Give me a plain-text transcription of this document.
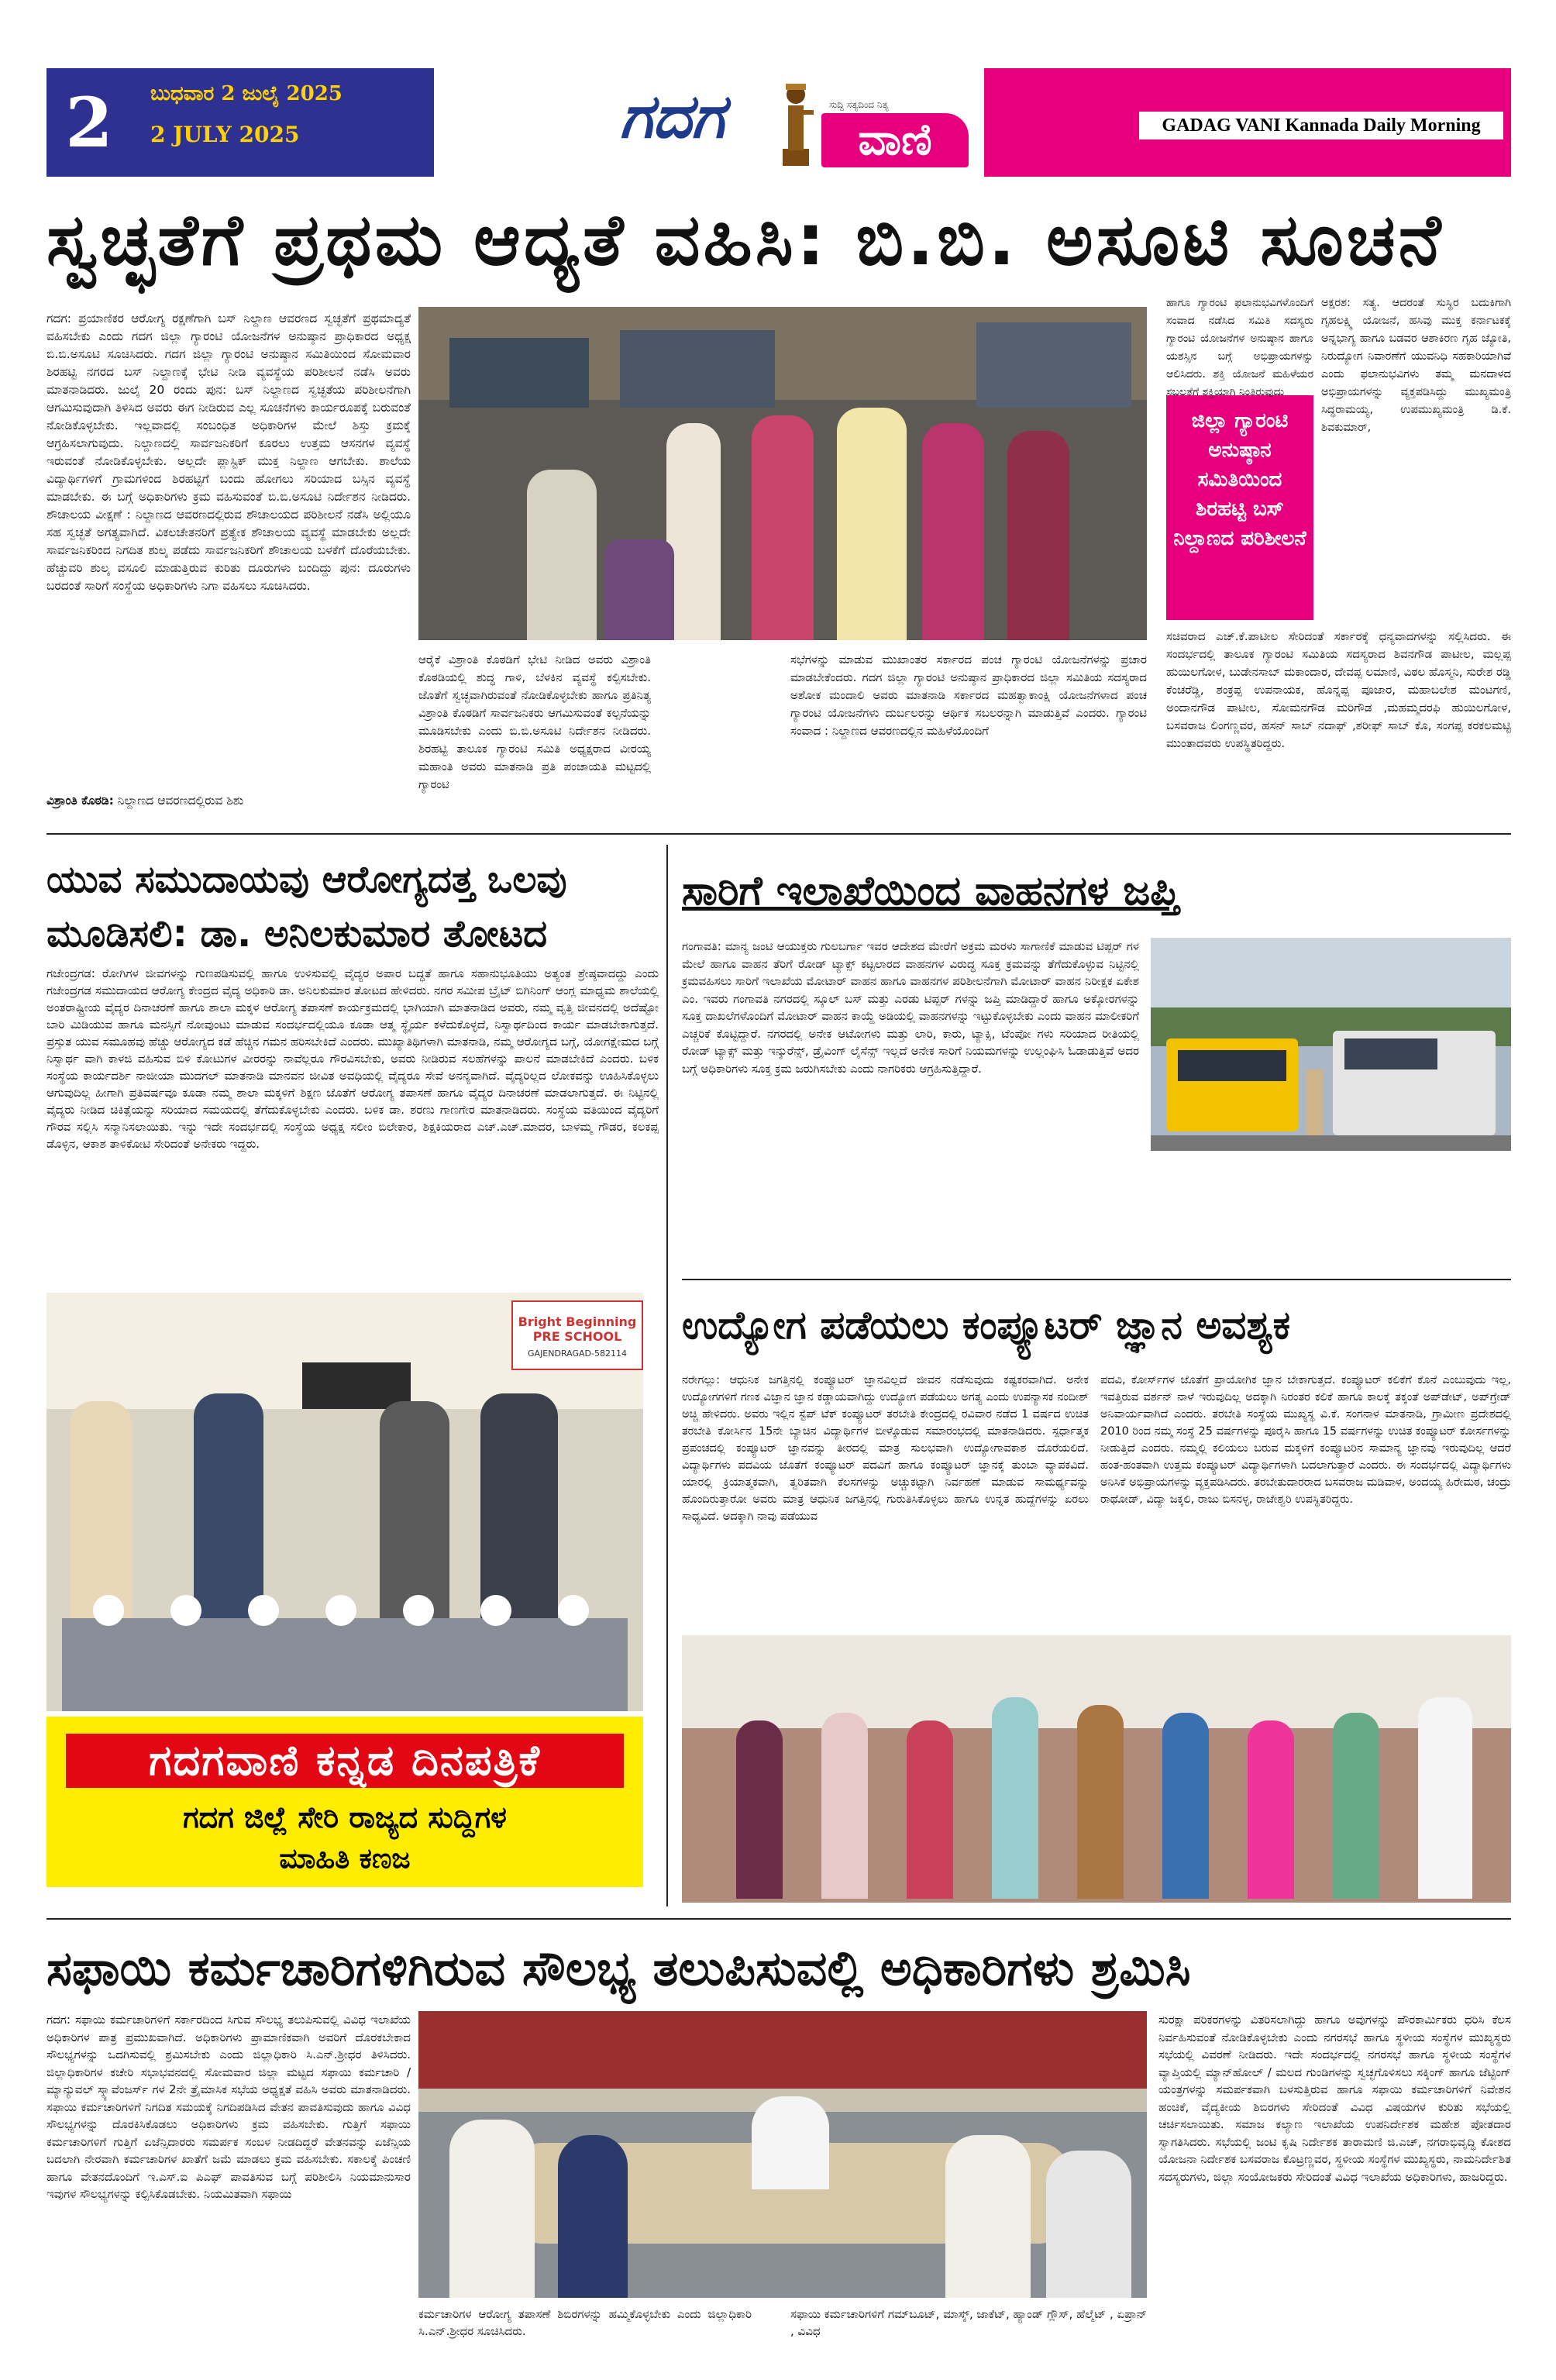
2	ಬುಧವಾರ 2 ಜುಲೈ 2025
2 JULY 2025	ಗದಗ	ಸುದ್ದಿ ಸತ್ಯದಿಂದ ನಿತ್ಯ
ವಾಣಿ	GADAG VANI Kannada Daily Morning
ಸ್ವಚ್ಛತೆಗೆ ಪ್ರಥಮ ಆದ್ಯತೆ ವಹಿಸಿ: ಬಿ.ಬಿ. ಅಸೂಟಿ ಸೂಚನೆ
ಗದಗ: ಪ್ರಯಾಣಿಕರ ಆರೋಗ್ಯ ರಕ್ಷಣೆಗಾಗಿ ಬಸ್ ನಿಲ್ದಾಣ ಆವರಣದ ಸ್ವಚ್ಛತೆಗೆ ಪ್ರಥಮಾದ್ಯತೆ ವಹಿಸಬೇಕು ಎಂದು ಗದಗ ಜಿಲ್ಲಾ ಗ್ಯಾರಂಟಿ ಯೋಜನೆಗಳ ಅನುಷ್ಠಾನ ಪ್ರಾಧಿಕಾರದ ಅಧ್ಯಕ್ಷ ಬಿ.ಬಿ.ಅಸೂಟಿ ಸೂಚಿಸಿದರು. ಗದಗ ಜಿಲ್ಲಾ ಗ್ಯಾರಂಟಿ ಅನುಷ್ಠಾನ ಸಮಿತಿಯಿಂದ ಸೋಮವಾರ ಶಿರಹಟ್ಟಿ ನಗರದ ಬಸ್ ನಿಲ್ದಾಣಕ್ಕೆ ಭೇಟಿ ನೀಡಿ ವ್ಯವಸ್ಥೆಯ ಪರಿಶೀಲನೆ ನಡೆಸಿ ಅವರು ಮಾತನಾಡಿದರು. ಜುಲೈ 20 ರಂದು ಪುನ: ಬಸ್ ನಿಲ್ದಾಣದ ಸ್ವಚ್ಛತೆಯ ಪರಿಶೀಲನೆಗಾಗಿ ಆಗಮಿಸುವುದಾಗಿ ತಿಳಿಸಿದ ಅವರು ಈಗ ನೀಡಿರುವ ಎಲ್ಲ ಸೂಚನೆಗಳು ಕಾರ್ಯರೂಪಕ್ಕೆ ಬರುವಂತೆ ನೋಡಿಕೊಳ್ಳಬೇಕು. ಇಲ್ಲವಾದಲ್ಲಿ ಸಂಬಂಧಿತ ಅಧಿಕಾರಿಗಳ ಮೇಲೆ ಶಿಸ್ತು ಕ್ರಮಕ್ಕೆ ಆಗ್ರಹಿಸಲಾಗುವುದು. ನಿಲ್ದಾಣದಲ್ಲಿ ಸಾರ್ವಜನಿಕರಿಗೆ ಕೂರಲು ಉತ್ತಮ ಆಸನಗಳ ವ್ಯವಸ್ಥೆ ಇರುವಂತೆ ನೋಡಿಕೊಳ್ಳಬೇಕು. ಅಲ್ಲದೇ ಪ್ಲಾಸ್ಟಿಕ್ ಮುಕ್ತ ನಿಲ್ದಾಣ ಆಗಬೇಕು. ಶಾಲೆಯ ವಿದ್ಯಾರ್ಥಿಗಳಿಗೆ ಗ್ರಾಮಗಳಿಂದ ಶಿರಹಟ್ಟಿಗೆ ಬಂದು ಹೋಗಲು ಸರಿಯಾದ ಬಸ್ಸಿನ ವ್ಯವಸ್ಥೆ ಮಾಡಬೇಕು. ಈ ಬಗ್ಗೆ ಅಧಿಕಾರಿಗಳು ಕ್ರಮ ವಹಿಸುವಂತೆ ಬಿ.ಬಿ.ಅಸೂಟಿ ನಿರ್ದೇಶನ ನೀಡಿದರು. ಶೌಚಾಲಯ ವೀಕ್ಷಣೆ : ನಿಲ್ದಾಣದ ಆವರಣದಲ್ಲಿರುವ ಶೌಚಾಲಯದ ಪರಿಶೀಲನೆ ನಡೆಸಿ ಅಲ್ಲಿಯೂ ಸಹ ಸ್ವಚ್ಛತೆ ಅಗತ್ಯವಾಗಿದೆ. ವಿಕಲಚೇತನರಿಗೆ ಪ್ರತ್ಯೇಕ ಶೌಚಾಲಯ ವ್ಯವಸ್ಥೆ ಮಾಡಬೇಕು ಅಲ್ಲದೇ ಸಾರ್ವಜನಿಕರಿಂದ ನಿಗದಿತ ಶುಲ್ಕ ಪಡೆದು ಸಾರ್ವಜನಿಕರಿಗೆ ಶೌಚಾಲಯ ಬಳಕೆಗೆ ದೊರೆಯಬೇಕು. ಹೆಚ್ಚುವರಿ ಶುಲ್ಕ ವಸೂಲಿ ಮಾಡುತ್ತಿರುವ ಕುರಿತು ದೂರುಗಳು ಬಂದಿದ್ದು ಪುನ: ದೂರುಗಳು ಬರದಂತೆ ಸಾರಿಗೆ ಸಂಸ್ಥೆಯ ಅಧಿಕಾರಿಗಳು ನಿಗಾ ವಹಿಸಲು ಸೂಚಿಸಿದರು.
ವಿಶ್ರಾಂತಿ ಕೊಠಡಿ: ನಿಲ್ದಾಣದ ಆವರಣದಲ್ಲಿರುವ ಶಿಶು
ಜಿಲ್ಲಾ ಗ್ಯಾರಂಟಿ ಅನುಷ್ಠಾನ ಸಮಿತಿಯಿಂದ ಶಿರಹಟ್ಟಿ ಬಸ್ ನಿಲ್ದಾಣದ ಪರಿಶೀಲನೆ
ಅಕ್ಷರಶ: ಸತ್ಯ. ಆದರಂತೆ ಸುಸ್ಥಿರ ಬದುಕಿಗಾಗಿ ಗೃಹಲಕ್ಷ್ಮಿ ಯೋಜನೆ, ಹಸಿವು ಮುಕ್ತ ಕರ್ನಾಟಕಕ್ಕೆ ಅನ್ನಭಾಗ್ಯ ಹಾಗೂ ಬಡವರ ಆಶಾಕಿರಣ ಗೃಹ ಜ್ಯೋತಿ, ನಿರುದ್ಯೋಗ ನಿವಾರಣೆಗೆ ಯುವನಿಧಿ ಸಹಕಾರಿಯಾಗಿವೆ ಎಂದು ಫಲಾನುಭವಿಗಳು ತಮ್ಮ ಮನದಾಳದ ಅಭಿಪ್ರಾಯಗಳನ್ನು ವ್ಯಕ್ತಪಡಿಸಿದ್ದು ಮುಖ್ಯಮಂತ್ರಿ ಸಿದ್ಧರಾಮಯ್ಯ, ಉಪಮುಖ್ಯಮಂತ್ರಿ ಡಿ.ಕೆ. ಶಿವಕುಮಾರ್,
ಹಾಗೂ ಗ್ಯಾರಂಟಿ ಫಲಾನುಭವಿಗಳೊಂದಿಗೆ ಸಂವಾದ ನಡೆಸಿದ ಸಮಿತಿ ಸದಸ್ಯರು ಗ್ಯಾರಂಟಿ ಯೋಜನೆಗಳ ಅನುಷ್ಠಾನ ಹಾಗೂ ಯಶಸ್ಸಿನ ಬಗ್ಗೆ ಅಭಿಪ್ರಾಯಗಳನ್ನು ಆಲಿಸಿದರು. ಶಕ್ತಿ ಯೋಜನೆ ಮಹಿಳೆಯರ ಸಬಲತೆಗೆ ಶಕ್ತಿಯಾಗಿ ನಿಂತಿರುವುದು
ಆರೈಕೆ ವಿಶ್ರಾಂತಿ ಕೊಠಡಿಗೆ ಭೇಟಿ ನೀಡಿದ ಅವರು ವಿಶ್ರಾಂತಿ ಕೊಠಡಿಯಲ್ಲಿ ಶುದ್ಧ ಗಾಳಿ, ಬೆಳಕಿನ ವ್ಯವಸ್ಥೆ ಕಲ್ಪಿಸಬೇಕು. ಜೊತೆಗೆ ಸ್ವಚ್ಛವಾಗಿರುವಂತೆ ನೋಡಿಕೊಳ್ಳಬೇಕು ಹಾಗೂ ಪ್ರತಿನಿತ್ಯ ವಿಶ್ರಾಂತಿ ಕೊಠಡಿಗೆ ಸಾರ್ವಜನಿಕರು ಆಗಮಿಸುವಂತೆ ಕಲ್ಪನೆಯನ್ನು ಮೂಡಿಸಬೇಕು ಎಂದು ಬಿ.ಬಿ.ಅಸೂಟಿ ನಿರ್ದೇಶನ ನೀಡಿದರು. ಶಿರಹಟ್ಟಿ ತಾಲೂಕ ಗ್ಯಾರಂಟಿ ಸಮಿತಿ ಅಧ್ಯಕ್ಷರಾದ ವೀರಯ್ಯ ಮಹಾಂತಿ ಅವರು ಮಾತನಾಡಿ ಪ್ರತಿ ಪಂಚಾಯತಿ ಮಟ್ಟದಲ್ಲಿ ಗ್ಯಾರಂಟಿ
ಸಭೆಗಳನ್ನು ಮಾಡುವ ಮುಖಾಂತರ ಸರ್ಕಾರದ ಪಂಚ ಗ್ಯಾರಂಟಿ ಯೋಜನೆಗಳನ್ನು ಪ್ರಚಾರ ಮಾಡಬೇಕೆಂದರು. ಗದಗ ಜಿಲ್ಲಾ ಗ್ಯಾರಂಟಿ ಅನುಷ್ಠಾನ ಪ್ರಾಧಿಕಾರದ ಜಿಲ್ಲಾ ಸಮಿತಿಯ ಸದಸ್ಯರಾದ ಅಶೋಕ ಮಂದಾಲಿ ಅವರು ಮಾತನಾಡಿ ಸರ್ಕಾರದ ಮಹತ್ವಾಕಾಂಕ್ಷಿ ಯೋಜನೆಗಳಾದ ಪಂಚ ಗ್ಯಾರಂಟಿ ಯೋಜನೆಗಳು ದುರ್ಬಲರನ್ನು ಆರ್ಥಿಕ ಸಬಲರನ್ನಾಗಿ ಮಾಡುತ್ತಿವೆ ಎಂದರು. ಗ್ಯಾರಂಟಿ ಸಂವಾದ : ನಿಲ್ದಾಣದ ಆವರಣದಲ್ಲಿನ ಮಹಿಳೆಯೊಂದಿಗೆ
ಸಚಿವರಾದ ಎಚ್.ಕೆ.ಪಾಟೀಲ ಸೇರಿದಂತೆ ಸರ್ಕಾರಕ್ಕೆ ಧನ್ಯವಾದಗಳನ್ನು ಸಲ್ಲಿಸಿದರು. ಈ ಸಂದರ್ಭದಲ್ಲಿ ತಾಲೂಕ ಗ್ಯಾರಂಟಿ ಸಮಿತಿಯ ಸದಸ್ಯರಾದ ಶಿವನಗೌಡ ಪಾಟೀಲ, ಮಲ್ಲಪ್ಪ ಹುಯಿಲಗೋಳ, ಬುಡೇನಸಾಬ್ ಮಕಾಂದಾರ, ದೇವಪ್ಪ ಲಮಾಣಿ, ವಿಠಲ ಹೊಸ್ಮನಿ, ಸುರೇಶ ರಡ್ಡಿ ಕೆಂಚರೆಡ್ಡಿ, ಶಂಕ್ರಪ್ಪ ಉಪನಾಯಕ, ಹೊನ್ನಪ್ಪ ಪೂಜಾರ, ಮಹಾಬಲೇಶ ಮಂಟಗಣಿ, ಅಂದಾನಗೌಡ ಪಾಟೀಲ, ಸೋಮನಗೌಡ ಮರಿಗೌಡ ,ಮಹಮ್ಮದರಫಿ ಹುಯಿಲಗೋಳ, ಬಸವರಾಜ ಲಿಂಗಣ್ಣವರ, ಹಸನ್ ಸಾಬ್ ನದಾಫ್ ,ಶರೀಫ್ ಸಾಬ್ ಕೊ, ಸಂಗಪ್ಪ ಕರಕಲಮಟ್ಟಿ ಮುಂತಾದವರು ಉಪಸ್ಥಿತರಿದ್ದರು.
ಯುವ ಸಮುದಾಯವು ಆರೋಗ್ಯದತ್ತ ಒಲವು
ಮೂಡಿಸಲಿ: ಡಾ. ಅನಿಲಕುಮಾರ ತೋಟದ
ಗಜೇಂದ್ರಗಡ: ರೋಗಿಗಳ ಜೀವಗಳನ್ನು ಗುಣಪಡಿಸುವಲ್ಲಿ ಹಾಗೂ ಉಳಿಸುವಲ್ಲಿ ವೈದ್ಯರ ಅಪಾರ ಬದ್ಧತೆ ಹಾಗೂ ಸಹಾನುಭೂತಿಯು ಅತ್ಯಂತ ಶ್ರೇಷ್ಠವಾದದ್ದು ಎಂದು ಗಜೇಂದ್ರಗಡ ಸಮುದಾಯದ ಆರೋಗ್ಯ ಕೇಂದ್ರದ ವೈದ್ಯ ಅಧಿಕಾರಿ ಡಾ. ಅನಿಲಕುಮಾರ ತೋಟದ ಹೇಳಿದರು. ನಗರ ಸಮೀಪ ಬ್ರೈಟ್ ಬಿಗಿನಿಂಗ್ ಆಂಗ್ಲ ಮಾಧ್ಯಮ ಶಾಲೆಯಲ್ಲಿ ಅಂತರಾಷ್ಟ್ರೀಯ ವೈದ್ಯರ ದಿನಾಚರಣೆ ಹಾಗೂ ಶಾಲಾ ಮಕ್ಕಳ ಆರೋಗ್ಯ ತಪಾಸಣೆ ಕಾರ್ಯಕ್ರಮದಲ್ಲಿ ಭಾಗಿಯಾಗಿ ಮಾತನಾಡಿದ ಅವರು, ನಮ್ಮ ವೃತ್ತಿ ಜೀವನದಲ್ಲಿ ಅದೆಷ್ಟೋ ಬಾರಿ ಮಿಡಿಯುವ ಹಾಗೂ ಮನಸ್ಸಿಗೆ ನೋವುಂಟು ಮಾಡುವ ಸಂದರ್ಭದಲ್ಲಿಯೂ ಕೂಡಾ ಆತ್ಮ ಸ್ಥೈರ್ಯ ಕಳೆದುಕೊಳ್ಳದೆ, ನಿಸ್ವಾರ್ಥದಿಂದ ಕಾರ್ಯ ಮಾಡಬೇಕಾಗುತ್ತದೆ. ಪ್ರಸ್ತುತ ಯುವ ಸಮೂಹವು ಹೆಚ್ಚು ಆರೋಗ್ಯದ ಕಡೆ ಹೆಚ್ಚಿನ ಗಮನ ಹರಿಸಬೇಕಿದೆ ಎಂದರು. ಮುಖ್ಯಾತಿಥಿಗಳಾಗಿ ಮಾತನಾಡಿ, ನಮ್ಮ ಆರೋಗ್ಯದ ಬಗ್ಗೆ, ಯೋಗಕ್ಷೇಮದ ಬಗ್ಗೆ ನಿಸ್ವಾರ್ಥ ವಾಗಿ ಕಾಳಜಿ ವಹಿಸುವ ಬಿಳಿ ಕೋಟುಗಳ ವೀರರನ್ನು ನಾವೆಲ್ಲರೂ ಗೌರವಿಸಬೇಕು, ಅವರು ನೀಡಿರುವ ಸಲಹೆಗಳನ್ನು ಪಾಲನೆ ಮಾಡಬೇಕಿದೆ ಎಂದರು. ಬಳಿಕ ಸಂಸ್ಥೆಯ ಕಾರ್ಯದರ್ಶಿ ನಾಜೀಯಾ ಮುದಗಲ್ ಮಾತನಾಡಿ ಮಾನವನ ಜೀವಿತ ಅವಧಿಯಲ್ಲಿ ವೈದ್ಯರೂ ಸೇವೆ ಅನನ್ಯವಾಗಿದೆ. ವೈದ್ಯರಿಲ್ಲದ ಲೋಕವನ್ನು ಊಹಿಸಿಕೊಳ್ಳಲು ಆಗುವುದಿಲ್ಲ ಹೀಗಾಗಿ ಪ್ರತಿವರ್ಷವೂ ಕೂಡಾ ನಮ್ಮ ಶಾಲಾ ಮಕ್ಕಳಿಗೆ ಶಿಕ್ಷಣ ಜೊತೆಗೆ ಆರೋಗ್ಯ ತಪಾಸಣೆ ಹಾಗೂ ವೈದ್ಯರ ದಿನಾಚರಣೆ ಮಾಡಲಾಗುತ್ತದೆ. ಈ ನಿಟ್ಟಿನಲ್ಲಿ ವೈದ್ಯರು ನೀಡಿದ ಚಿಕಿತ್ಸೆಯನ್ನು ಸರಿಯಾದ ಸಮಯದಲ್ಲಿ ತೆಗೆದುಕೊಳ್ಳಬೇಕು ಎಂದರು. ಬಳಿಕ ಡಾ. ಶರಣು ಗಾಣಗೇರ ಮಾತನಾಡಿದರು. ಸಂಸ್ಥೆಯ ವತಿಯಿಂದ ವೈದ್ಯರಿಗೆ ಗೌರವ ಸಲ್ಲಿಸಿ ಸನ್ಮಾನಿಸಲಾಯಿತು. ಇನ್ನು ಇದೇ ಸಂದರ್ಭದಲ್ಲಿ ಸಂಸ್ಥೆಯ ಅಧ್ಯಕ್ಷ ಸಲೀಂ ಬಿಲೇಕಾರ, ಶಿಕ್ಷಕಿಯರಾದ ಎಚ್.ಎಚ್.ಮಾದರ, ಬಾಳಮ್ಮ ಗೌಡರ, ಕಲಕಪ್ಪ ಡೊಳ್ಳಿನ, ಆಕಾಶ ತಾಳಿಕೋಟಿ ಸೇರಿದಂತೆ ಅನೇಕರು ಇದ್ದರು.
Bright Beginning PRE SCHOOL
GAJENDRAGAD-582114
ಗದಗವಾಣಿ ಕನ್ನಡ ದಿನಪತ್ರಿಕೆ
ಗದಗ ಜಿಲ್ಲೆ ಸೇರಿ ರಾಜ್ಯದ ಸುದ್ದಿಗಳ
ಮಾಹಿತಿ ಕಣಜ
ಸಾರಿಗೆ ಇಲಾಖೆಯಿಂದ ವಾಹನಗಳ ಜಪ್ತಿ
ಗಂಗಾವತಿ: ಮಾನ್ಯ ಜಂಟಿ ಆಯುಕ್ತರು ಗುಲಬರ್ಗಾ ಇವರ ಆದೇಶದ ಮೇರೆಗೆ ಅಕ್ರಮ ಮರಳು ಸಾಗಾಣಿಕೆ ಮಾಡುವ ಟಿಪ್ಪರ್ ಗಳ ಮೇಲೆ ಹಾಗೂ ವಾಹನ ತೆರಿಗೆ ರೋಡ್ ಟ್ಯಾಕ್ಸ್ ಕಟ್ಟಲಾರದ ವಾಹನಗಳ ವಿರುದ್ಧ ಸೂಕ್ತ ಕ್ರಮವನ್ನು ತೆಗೆದುಕೊಳ್ಳುವ ನಿಟ್ಟಿನಲ್ಲಿ ಕ್ರಮವಹಿಸಲು ಸಾರಿಗೆ ಇಲಾಖೆಯ ಮೋಟಾರ್ ವಾಹನ ಹಾಗೂ ವಾಹನಗಳ ಪರಿಶೀಲನೆಗಾಗಿ ಮೋಟಾರ್ ವಾಹನ ನಿರೀಕ್ಷಕ ಏಕೇಶ ಎಂ. ಇವರು ಗಂಗಾವತಿ ನಗರದಲ್ಲಿ ಸ್ಕೂಲ್ ಬಸ್ ಮತ್ತು ಎರಡು ಟಿಪ್ಪರ್ ಗಳನ್ನು ಜಪ್ತಿ ಮಾಡಿದ್ದಾರೆ ಹಾಗೂ ಅಕ್ಕೋರಗಳನ್ನು ಸೂಕ್ತ ದಾಖಲೆಗಳೊಂದಿಗೆ ಮೋಟಾರ್ ವಾಹನ ಕಾಯ್ದೆ ಅಡಿಯಲ್ಲಿ ವಾಹನಗಳನ್ನು ಇಟ್ಟುಕೊಳ್ಳಬೇಕು ಎಂದು ವಾಹನ ಮಾಲೀಕರಿಗೆ ಎಚ್ಚರಿಕೆ ಕೊಟ್ಟಿದ್ದಾರೆ. ನಗರದಲ್ಲಿ ಅನೇಕ ಆಟೋಗಳು ಮತ್ತು ಲಾರಿ, ಕಾರು, ಟ್ಯಾಕ್ಸಿ, ಟೆಂಪೋ ಗಳು ಸರಿಯಾದ ರೀತಿಯಲ್ಲಿ ರೋಡ್ ಟ್ಯಾಕ್ಸ್ ಮತ್ತು ಇನ್ಶುರೆನ್ಸ್, ಡ್ರೈವಿಂಗ್ ಲೈಸೆನ್ಸ್ ಇಲ್ಲದೆ ಅನೇಕ ಸಾರಿಗೆ ನಿಯಮಗಳನ್ನು ಉಲ್ಲಂಘಿಸಿ ಓಡಾಡುತ್ತಿವೆ ಅದರ ಬಗ್ಗೆ ಅಧಿಕಾರಿಗಳು ಸೂಕ್ತ ಕ್ರಮ ಜರುಗಿಸಬೇಕು ಎಂದು ನಾಗರಿಕರು ಆಗ್ರಹಿಸುತ್ತಿದ್ದಾರೆ.
ಉದ್ಯೋಗ ಪಡೆಯಲು ಕಂಪ್ಯೂಟರ್ ಜ್ಞಾನ ಅವಶ್ಯಕ
ನರೇಗಲ್ಲು: ಆಧುನಿಕ ಜಗತ್ತಿನಲ್ಲಿ ಕಂಪ್ಯೂಟರ್ ಜ್ಞಾನವಿಲ್ಲದೆ ಜೀವನ ನಡೆಸುವುದು ಕಷ್ಟಕರವಾಗಿದೆ. ಅನೇಕ ಉದ್ಯೋಗಗಳಿಗೆ ಗಣಕ ವಿಜ್ಞಾನ ಜ್ಞಾನ ಕಡ್ಡಾಯವಾಗಿದ್ದು ಉದ್ಯೋಗ ಪಡೆಯಲು ಅಗತ್ಯ ಎಂದು ಉಪನ್ಯಾಸಕ ನಂದೀಶ್ ಅಚ್ಚಿ ಹೇಳಿದರು. ಅವರು ಇಲ್ಲಿನ ಸ್ಟೆಪ್ ಟೆಕ್ ಕಂಪ್ಯೂಟರ್ ತರಬೇತಿ ಕೇಂದ್ರದಲ್ಲಿ ರವಿವಾರ ನಡೆದ 1 ವರ್ಷದ ಉಚಿತ ತರಬೇತಿ ಕೋರ್ಸಿನ 15ನೇ ಬ್ಯಾಚಿನ ವಿದ್ಯಾರ್ಥಿಗಳ ಬೀಳ್ಕೊಡುವ ಸಮಾರಂಭದಲ್ಲಿ ಮಾತನಾಡಿದರು. ಸ್ಪರ್ಧಾತ್ಮಕ ಪ್ರಪಂಚದಲ್ಲಿ ಕಂಪ್ಯೂಟರ್ ಜ್ಞಾನವನ್ನು ತೀರದಲ್ಲಿ ಮಾತ್ರ ಸುಲಭವಾಗಿ ಉದ್ಯೋಗಾವಕಾಶ ದೊರೆಯಲಿದೆ. ವಿದ್ಯಾರ್ಥಿಗಳು ಪದವಿಯ ಜೊತೆಗೆ ಕಂಪ್ಯೂಟರ್ ಪದವಿಗೆ ಹಾಗೂ ಕಂಪ್ಯೂಟರ್ ಜ್ಞಾನಕ್ಕೆ ತುಂಬಾ ವ್ಯಾಪಕವಿದೆ. ಯಾರಲ್ಲಿ ಕ್ರಿಯಾತ್ಮಕವಾಗಿ, ತ್ವರಿತವಾಗಿ ಕೆಲಸಗಳನ್ನು ಅಚ್ಚುಕಟ್ಟಾಗಿ ನಿರ್ವಹಣೆ ಮಾಡುವ ಸಾಮರ್ಥ್ಯವನ್ನು ಹೊಂದಿರುತ್ತಾರೋ ಅವರು ಮಾತ್ರ ಆಧುನಿಕ ಜಗತ್ತಿನಲ್ಲಿ ಗುರುತಿಸಿಕೊಳ್ಳಲು ಹಾಗೂ ಉನ್ನತ ಹುದ್ದೆಗಳನ್ನು ಏರಲು ಸಾಧ್ಯವಿದೆ. ಅದಕ್ಕಾಗಿ ನಾವು ಪಡೆಯುವ
ಪದವಿ, ಕೋರ್ಸ್‌ಗಳ ಜೊತೆಗೆ ಪ್ರಾಯೋಗಿಕ ಜ್ಞಾನ ಬೇಕಾಗುತ್ತದೆ. ಕಂಪ್ಯೂಟರ್ ಕಲಿಕೆಗೆ ಕೊನೆ ಎಂಬುವುದು ಇಲ್ಲ, ಇವತ್ತಿರುವ ವರ್ಶನ್ ನಾಳೆ ಇರುವುದಿಲ್ಲ ಅದಕ್ಕಾಗಿ ನಿರಂತರ ಕಲಿಕೆ ಹಾಗೂ ಕಾಲಕ್ಕೆ ತಕ್ಕಂತೆ ಅಪ್‌ಡೇಟ್, ಅಪ್‌ಗ್ರೇಡ್ ಅನಿವಾರ್ಯವಾಗಿದೆ ಎಂದರು. ತರಬೇತಿ ಸಂಸ್ಥೆಯ ಮುಖ್ಯಸ್ಥ ವಿ.ಕೆ. ಸಂಗನಾಳ ಮಾತನಾಡಿ, ಗ್ರಾಮೀಣ ಪ್ರದೇಶದಲ್ಲಿ 2010 ರಿಂದ ನಮ್ಮ ಸಂಸ್ಥೆ 25 ವರ್ಷಗಳನ್ನು ಪೂರೈಸಿ ಹಾಗೂ 15 ವರ್ಷಗಳನ್ನು ಉಚಿತ ಕಂಪ್ಯೂಟರ್ ಕೋರ್ಸಗಳನ್ನು ನೀಡುತ್ತಿದೆ ಎಂದರು. ನಮ್ಮಲ್ಲಿ ಕಲಿಯಲು ಬರುವ ಮಕ್ಕಳಿಗೆ ಕಂಪ್ಯೂಟರಿನ ಸಾಮಾನ್ಯ ಜ್ಞಾನವು ಇರುವುದಿಲ್ಲ ಆದರೆ ಹಂತ-ಹಂತವಾಗಿ ಉತ್ತಮ ಕಂಪ್ಯೂಟರ್ ವಿದ್ಯಾರ್ಥಿಗಳಾಗಿ ಬದಲಾಗುತ್ತಾರೆ ಎಂದರು. ಈ ಸಂದರ್ಭದಲ್ಲಿ ವಿದ್ಯಾರ್ಥಿಗಳು ಅನಿಸಿಕೆ ಅಭಿಪ್ರಾಯಗಳನ್ನು ವ್ಯಕ್ತಪಡಿಸಿದರು. ತರಬೇತುದಾರರಾದ ಬಸವರಾಜ ಮಡಿವಾಳ, ಅಂದಯ್ಯ ಹಿರೇಮಠ, ಚಂದ್ರು ರಾಥೋಡ್, ವಿದ್ಯಾ ಜಕ್ಕಲಿ, ರಾಜು ಬಿಸನಳ್ಳ, ರಾಜೇಶ್ವರಿ ಉಪಸ್ಥಿತರಿದ್ದರು.
ಸಫಾಯಿ ಕರ್ಮಚಾರಿಗಳಿಗಿರುವ ಸೌಲಭ್ಯ ತಲುಪಿಸುವಲ್ಲಿ ಅಧಿಕಾರಿಗಳು ಶ್ರಮಿಸಿ
ಗದಗ: ಸಫಾಯಿ ಕರ್ಮಚಾರಿಗಳಿಗೆ ಸರ್ಕಾರದಿಂದ ಸಿಗುವ ಸೌಲಭ್ಯ ತಲುಪಿಸುವಲ್ಲಿ ವಿವಿಧ ಇಲಾಖೆಯ ಅಧಿಕಾರಿಗಳ ಪಾತ್ರ ಪ್ರಮುಖವಾಗಿದೆ. ಅಧಿಕಾರಿಗಳು ಪ್ರಾಮಾಣಿಕವಾಗಿ ಅವರಿಗೆ ದೊರಕಬೇಕಾದ ಸೌಲಭ್ಯಗಳನ್ನು ಒದಗಿಸುವಲ್ಲಿ ಶ್ರಮಿಸಬೇಕು ಎಂದು ಜಿಲ್ಲಾಧಿಕಾರಿ ಸಿ.ಎನ್.ಶ್ರೀಧರ ತಿಳಿಸಿದರು. ಜಿಲ್ಲಾಧಿಕಾರಿಗಳ ಕಚೇರಿ ಸಭಾಭವನದಲ್ಲಿ ಸೋಮವಾರ ಜಿಲ್ಲಾ ಮಟ್ಟದ ಸಫಾಯಿ ಕರ್ಮಚಾರಿ / ಮ್ಯಾನ್ಯುವಲ್ ಸ್ಕ್ಯಾವೆಂಜರ್ಸ್ ಗಳ 2ನೇ ತ್ರೈಮಾಸಿಕ ಸಭೆಯ ಅಧ್ಯಕ್ಷತೆ ವಹಿಸಿ ಅವರು ಮಾತನಾಡಿದರು. ಸಫಾಯಿ ಕರ್ಮಚಾರಿಗಳಿಗೆ ನಿಗದಿತ ಸಮಯಕ್ಕೆ ನಿಗದಿಪಡಿಸಿದ ವೇತನ ಪಾವತಿಸುವುದು ಹಾಗೂ ವಿವಿಧ ಸೌಲಭ್ಯಗಳನ್ನು ದೊರಕಿಸಿಕೊಡಲು ಅಧಿಕಾರಿಗಳು ಕ್ರಮ ವಹಿಸಬೇಕು. ಗುತ್ತಿಗೆ ಸಫಾಯಿ ಕರ್ಮಚಾರಿಗಳಿಗೆ ಗುತ್ತಿಗೆ ಏಜೆನ್ಸಿದಾರರು ಸಮರ್ಪಕ ಸಂಬಳ ನೀಡದಿದ್ದರೆ ವೇತನವನ್ನು ಏಜೆನ್ಸಿಯ ಬದಲಾಗಿ ನೇರವಾಗಿ ಕರ್ಮಚಾರಿಗಳ ಖಾತೆಗೆ ಜಮೆ ಮಾಡಲು ಕ್ರಮ ವಹಿಸಬೇಕು. ಸಕಾಲಕ್ಕೆ ಪಿಂಚಣಿ ಹಾಗೂ ವೇತನದೊಂದಿಗೆ ಇ.ಎಸ್.ಐ ಪಿಎಫ್ ಪಾವತಿಸುವ ಬಗ್ಗೆ ಪರಿಶೀಲಿಸಿ ನಿಯಮಾನುಸಾರ ಇವುಗಳ ಸೌಲಭ್ಯಗಳನ್ನು ಕಲ್ಪಿಸಿಕೊಡಬೇಕು. ನಿಯಮಿತವಾಗಿ ಸಫಾಯಿ
ಕರ್ಮಚಾರಿಗಳ ಆರೋಗ್ಯ ತಪಾಸಣೆ ಶಿಬಿರಗಳನ್ನು ಹಮ್ಮಿಕೊಳ್ಳಬೇಕು ಎಂದು ಜಿಲ್ಲಾಧಿಕಾರಿ ಸಿ.ಎನ್.ಶ್ರೀಧರ ಸೂಚಿಸಿದರು.
ಸಫಾಯಿ ಕರ್ಮಚಾರಿಗಳಿಗೆ ಗಮ್‌ಬೂಟ್, ಮಾಸ್ಕ್, ಜಾಕೆಟ್, ಹ್ಯಾಂಡ್ ಗ್ಲೌಸ್, ಹೆಲ್ಮೆಟ್ , ಏಪ್ರಾನ್ , ವಿವಿಧ
ಸುರಕ್ಷಾ ಪರಿಕರಗಳನ್ನು ವಿತರಿಸಲಾಗಿದ್ದು ಹಾಗೂ ಅವುಗಳನ್ನು ಪೌರಕಾರ್ಮಿಕರು ಧರಿಸಿ ಕೆಲಸ ನಿರ್ವಹಿಸುವಂತೆ ನೋಡಿಕೊಳ್ಳಬೇಕು ಎಂದು ನಗರಸಭೆ ಹಾಗೂ ಸ್ಥಳೀಯ ಸಂಸ್ಥೆಗಳ ಮುಖ್ಯಸ್ಥರು ಸಭೆಯಲ್ಲಿ ವಿವರಣೆ ನೀಡಿದರು. ಇದೇ ಸಂದರ್ಭದಲ್ಲಿ ನಗರಸಭೆ ಹಾಗೂ ಸ್ಥಳೀಯ ಸಂಸ್ಥೆಗಳ ವ್ಯಾಪ್ತಿಯಲ್ಲಿ ಮ್ಯಾನ್‌ಹೋಲ್ / ಮಲದ ಗುಂಡಿಗಳನ್ನು ಸ್ವಚ್ಛಗೊಳಿಸಲು ಸಕ್ಕಿಂಗ್ ಹಾಗೂ ಜೆಟ್ಟಿಂಗ್ ಯಂತ್ರಗಳನ್ನು ಸಮರ್ಪಕವಾಗಿ ಬಳಸುತ್ತಿರುವ ಹಾಗೂ ಸಫಾಯಿ ಕರ್ಮಚಾರಿಗಳಿಗೆ ನಿವೇಶನ ಹಂಚಿಕೆ, ವೈದ್ಯಕೀಯ ಶಿಬಿರಗಳು ಸೇರಿದಂತೆ ವಿವಿಧ ವಿಷಯಗಳ ಕುರಿತು ಸಭೆಯಲ್ಲಿ ಚರ್ಚಿಸಲಾಯಿತು. ಸಮಾಜ ಕಲ್ಯಾಣ ಇಲಾಖೆಯ ಉಪನಿರ್ದೇಶಕ ಮಹೇಶ ಪೋತದಾರ ಸ್ವಾಗತಿಸಿದರು. ಸಭೆಯಲ್ಲಿ ಜಂಟಿ ಕೃಷಿ ನಿರ್ದೇಶಕ ತಾರಾಮಣಿ ಜಿ.ಎಚ್, ನಗರಾಭಿವೃದ್ಧಿ ಕೋಶದ ಯೋಜನಾ ನಿರ್ದೇಶಕ ಬಸವರಾಜ ಕೊಟ್ರಣ್ಣವರ, ಸ್ಥಳೀಯ ಸಂಸ್ಥೆಗಳ ಮುಖ್ಯಸ್ಥರು, ನಾಮನಿರ್ದೇಶಿತ ಸದಸ್ಯರುಗಳು, ಜಿಲ್ಲಾ ಸಂಯೋಜಕರು ಸೇರಿದಂತೆ ವಿವಿಧ ಇಲಾಖೆಯ ಅಧಿಕಾರಿಗಳು, ಹಾಜರಿದ್ದರು.
